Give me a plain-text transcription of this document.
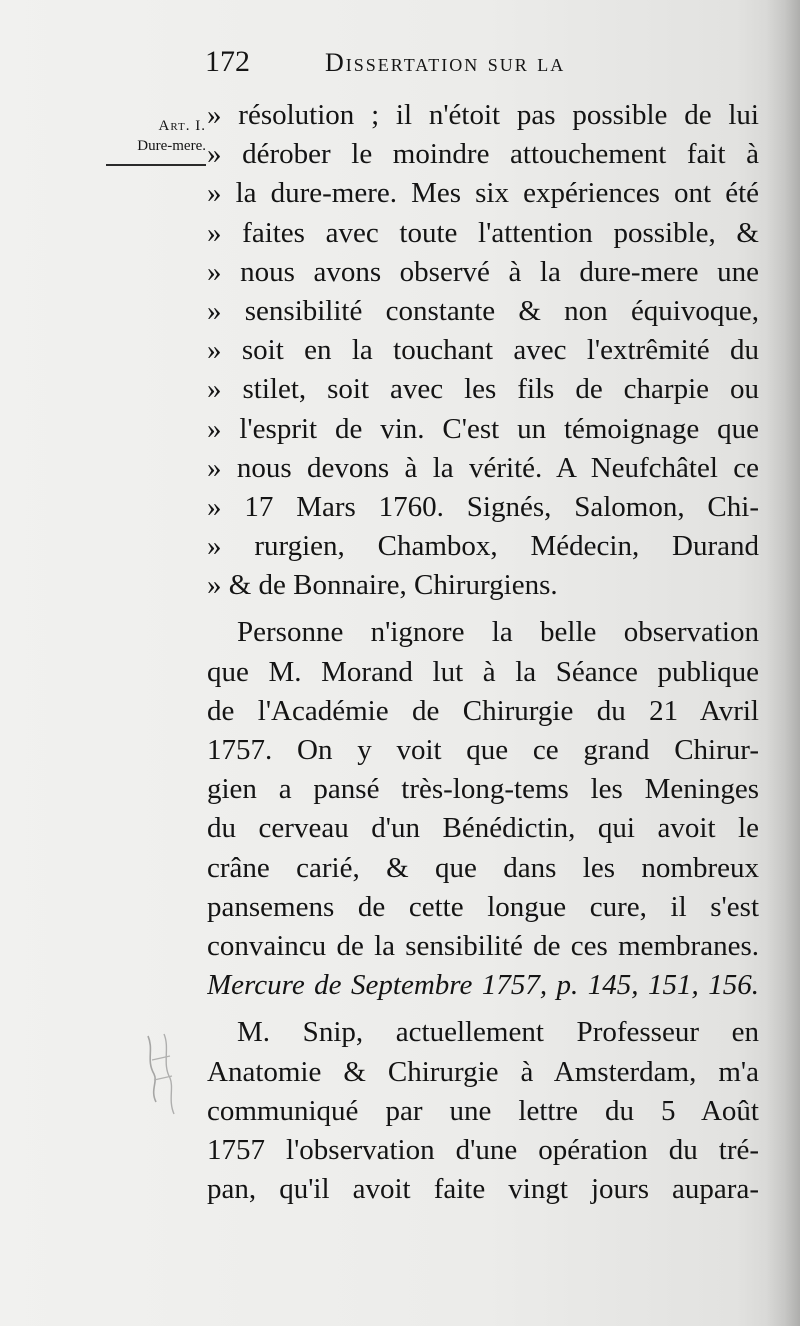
172	Dissertation sur la
Art. I.
Dure-mere.
» résolution ; il n'étoit pas possible de lui
» dérober le moindre attouchement fait à
» la dure-mere. Mes six expériences ont été
» faites avec toute l'attention possible, &
» nous avons observé à la dure-mere une
» sensibilité constante & non équivoque,
» soit en la touchant avec l'extrêmité du
» stilet, soit avec les fils de charpie ou
» l'esprit de vin. C'est un témoignage que
» nous devons à la vérité. A Neufchâtel ce
» 17 Mars 1760. Signés, Salomon, Chi-
» rurgien, Chambox, Médecin, Durand
» & de Bonnaire, Chirurgiens.
Personne n'ignore la belle observation
que M. Morand lut à la Séance publique
de l'Académie de Chirurgie du 21 Avril
1757. On y voit que ce grand Chirur-
gien a pansé très-long-tems les Meninges
du cerveau d'un Bénédictin, qui avoit le
crâne carié, & que dans les nombreux
pansemens de cette longue cure, il s'est
convaincu de la sensibilité de ces membranes.
Mercure de Septembre 1757, p. 145, 151, 156.
M. Snip, actuellement Professeur en
Anatomie & Chirurgie à Amsterdam, m'a
communiqué par une lettre du 5 Août
1757 l'observation d'une opération du tré-
pan, qu'il avoit faite vingt jours aupara-
